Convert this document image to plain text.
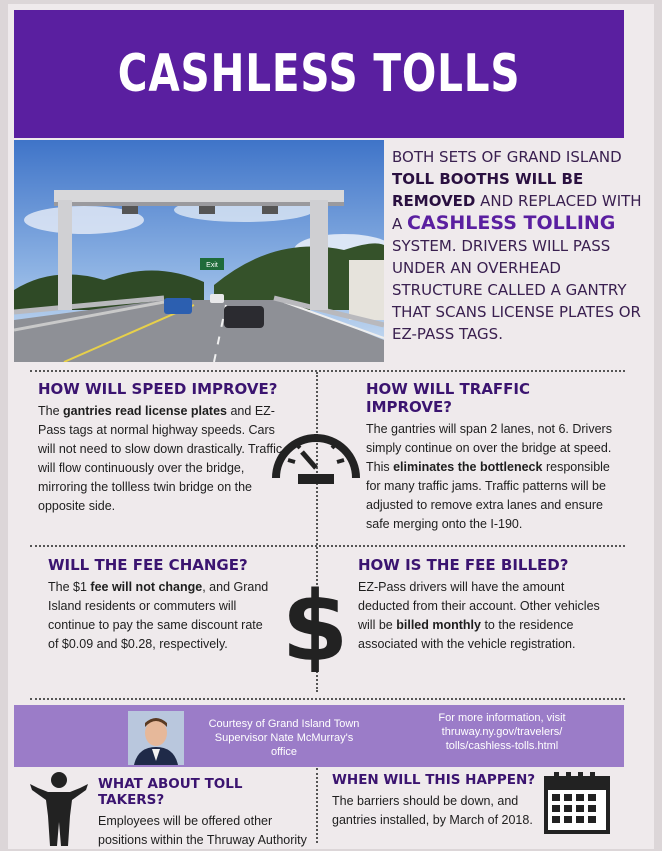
CASHLESS TOLLS
Exit
BOTH SETS OF GRAND ISLAND TOLL BOOTHS WILL BE REMOVED AND REPLACED WITH A CASHLESS TOLLING SYSTEM. DRIVERS WILL PASS UNDER AN OVERHEAD STRUCTURE CALLED A GANTRY THAT SCANS LICENSE PLATES OR EZ-PASS TAGS.
HOW WILL SPEED IMPROVE?

The gantries read license plates and EZ-Pass tags at normal highway speeds. Cars will not need to slow down drastically. Traffic will flow continuously over the bridge, mirroring the tollless twin bridge on the opposite side.

HOW WILL TRAFFIC IMPROVE?

The gantries will span 2 lanes, not 6. Drivers simply continue on over the bridge at speed. This eliminates the bottleneck responsible for many traffic jams. Traffic patterns will be adjusted to remove extra lanes and ensure safe merging onto the I-190.

WILL THE FEE CHANGE?

The $1 fee will not change, and Grand Island residents or commuters will continue to pay the same discount rate of $0.09 and $0.28, respectively. $
HOW IS THE FEE BILLED?

EZ-Pass drivers will have the amount deducted from their account. Other vehicles will be billed monthly to the residence associated with the vehicle registration.

Courtesy of Grand Island Town Supervisor Nate McMurray's office
For more information, visit thruway.ny.gov/travelers/ tolls/cashless-tolls.html
WHAT ABOUT TOLL TAKERS?

Employees will be offered other positions within the Thruway Authority

WHEN WILL THIS HAPPEN?

The barriers should be down, and gantries installed, by March of 2018.
